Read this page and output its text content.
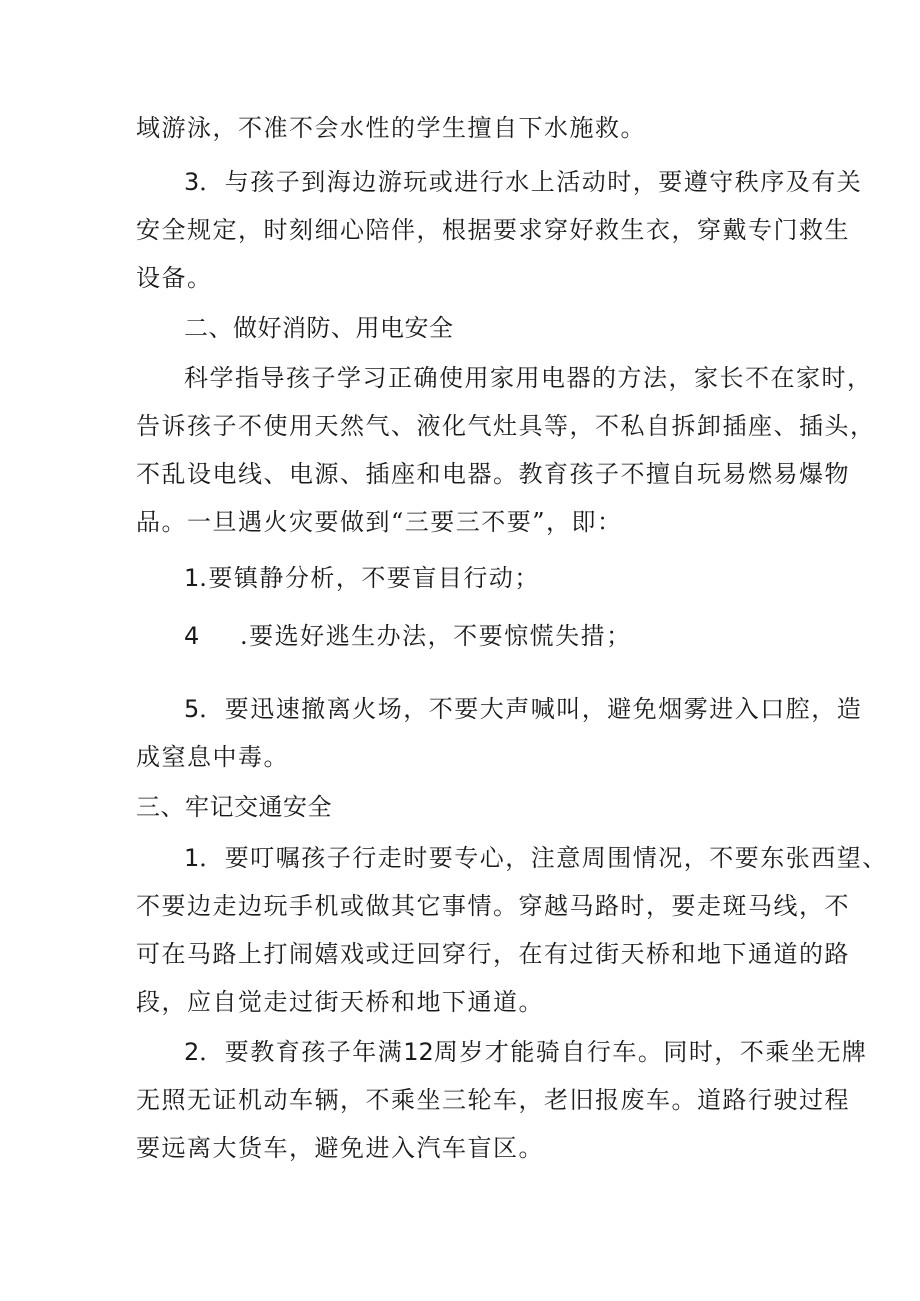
域游泳，不准不会水性的学生擅自下水施救。
3．与孩子到海边游玩或进行水上活动时，要遵守秩序及有关
安全规定，时刻细心陪伴，根据要求穿好救生衣，穿戴专门救生
设备。
二、做好消防、用电安全
科学指导孩子学习正确使用家用电器的方法，家长不在家时，
告诉孩子不使用天然气、液化气灶具等，不私自拆卸插座、插头，
不乱设电线、电源、插座和电器。教育孩子不擅自玩易燃易爆物
品。一旦遇火灾要做到“三要三不要”，即：
1.要镇静分析，不要盲目行动；
4 .要选好逃生办法，不要惊慌失措；
5．要迅速撤离火场，不要大声喊叫，避免烟雾进入口腔，造
成窒息中毒。
三、牢记交通安全
1．要叮嘱孩子行走时要专心，注意周围情况，不要东张西望、
不要边走边玩手机或做其它事情。穿越马路时，要走斑马线，不
可在马路上打闹嬉戏或迂回穿行，在有过街天桥和地下通道的路
段，应自觉走过街天桥和地下通道。
2．要教育孩子年满12周岁才能骑自行车。同时，不乘坐无牌
无照无证机动车辆，不乘坐三轮车，老旧报废车。道路行驶过程
要远离大货车，避免进入汽车盲区。
